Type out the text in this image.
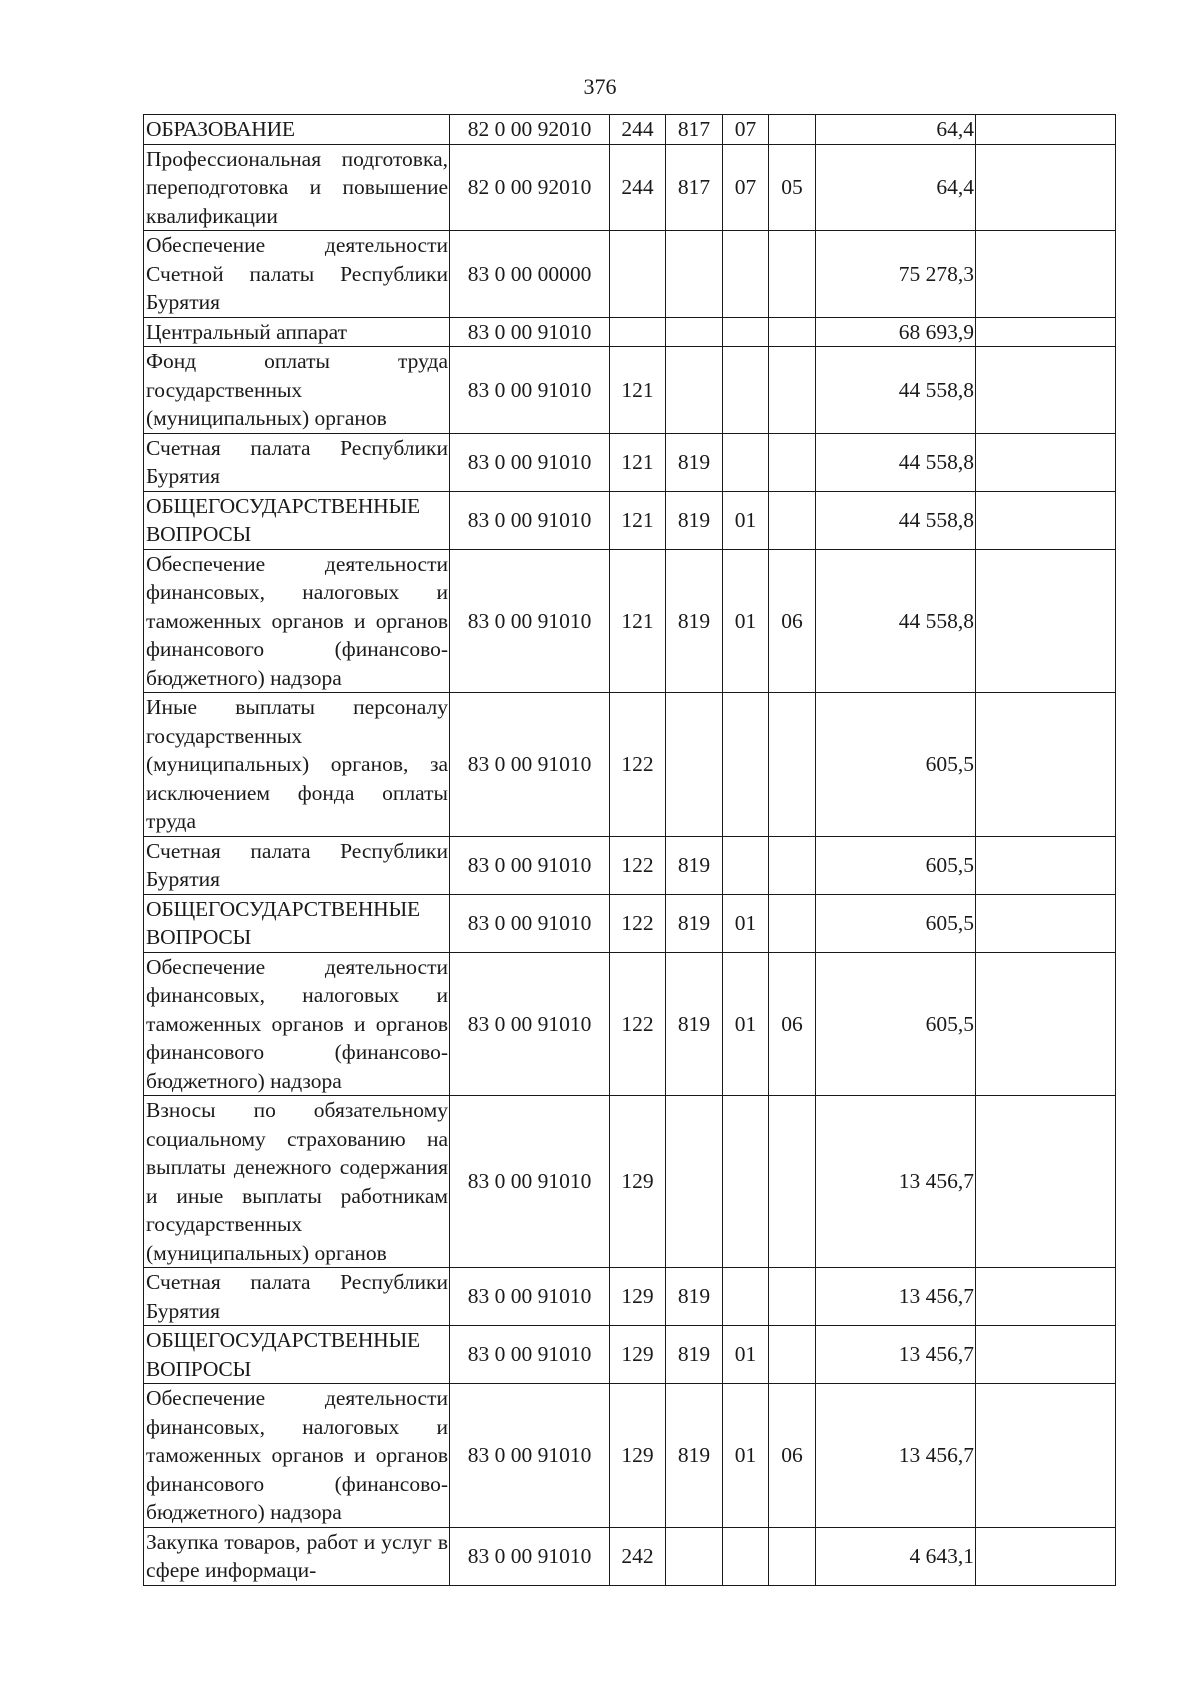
376
ОБРАЗОВАНИЕ	82 0 00 92010	244	817	07		64,4	
Профессиональная подготовка, переподготовка и повышение квалификации	82 0 00 92010	244	817	07	05	64,4	
Обеспечение деятельности Счетной палаты Республики Бурятия	83 0 00 00000					75 278,3	
Центральный аппарат	83 0 00 91010					68 693,9	
Фонд оплаты труда государственных (муниципальных) органов	83 0 00 91010	121				44 558,8	
Счетная палата Республики Бурятия	83 0 00 91010	121	819			44 558,8	
ОБЩЕГОСУДАРСТВЕННЫЕ ВОПРОСЫ	83 0 00 91010	121	819	01		44 558,8	
Обеспечение деятельности финансовых, налоговых и таможенных органов и органов финансового (финансово-бюджетного) надзора	83 0 00 91010	121	819	01	06	44 558,8	
Иные выплаты персоналу государственных (муниципальных) органов, за исключением фонда оплаты труда	83 0 00 91010	122				605,5	
Счетная палата Республики Бурятия	83 0 00 91010	122	819			605,5	
ОБЩЕГОСУДАРСТВЕННЫЕ ВОПРОСЫ	83 0 00 91010	122	819	01		605,5	
Обеспечение деятельности финансовых, налоговых и таможенных органов и органов финансового (финансово-бюджетного) надзора	83 0 00 91010	122	819	01	06	605,5	
Взносы по обязательному социальному страхованию на выплаты денежного содержания и иные выплаты работникам государственных (муниципальных) органов	83 0 00 91010	129				13 456,7	
Счетная палата Республики Бурятия	83 0 00 91010	129	819			13 456,7	
ОБЩЕГОСУДАРСТВЕННЫЕ ВОПРОСЫ	83 0 00 91010	129	819	01		13 456,7	
Обеспечение деятельности финансовых, налоговых и таможенных органов и органов финансового (финансово-бюджетного) надзора	83 0 00 91010	129	819	01	06	13 456,7	
Закупка товаров, работ и услуг в сфере информаци-	83 0 00 91010	242				4 643,1	
